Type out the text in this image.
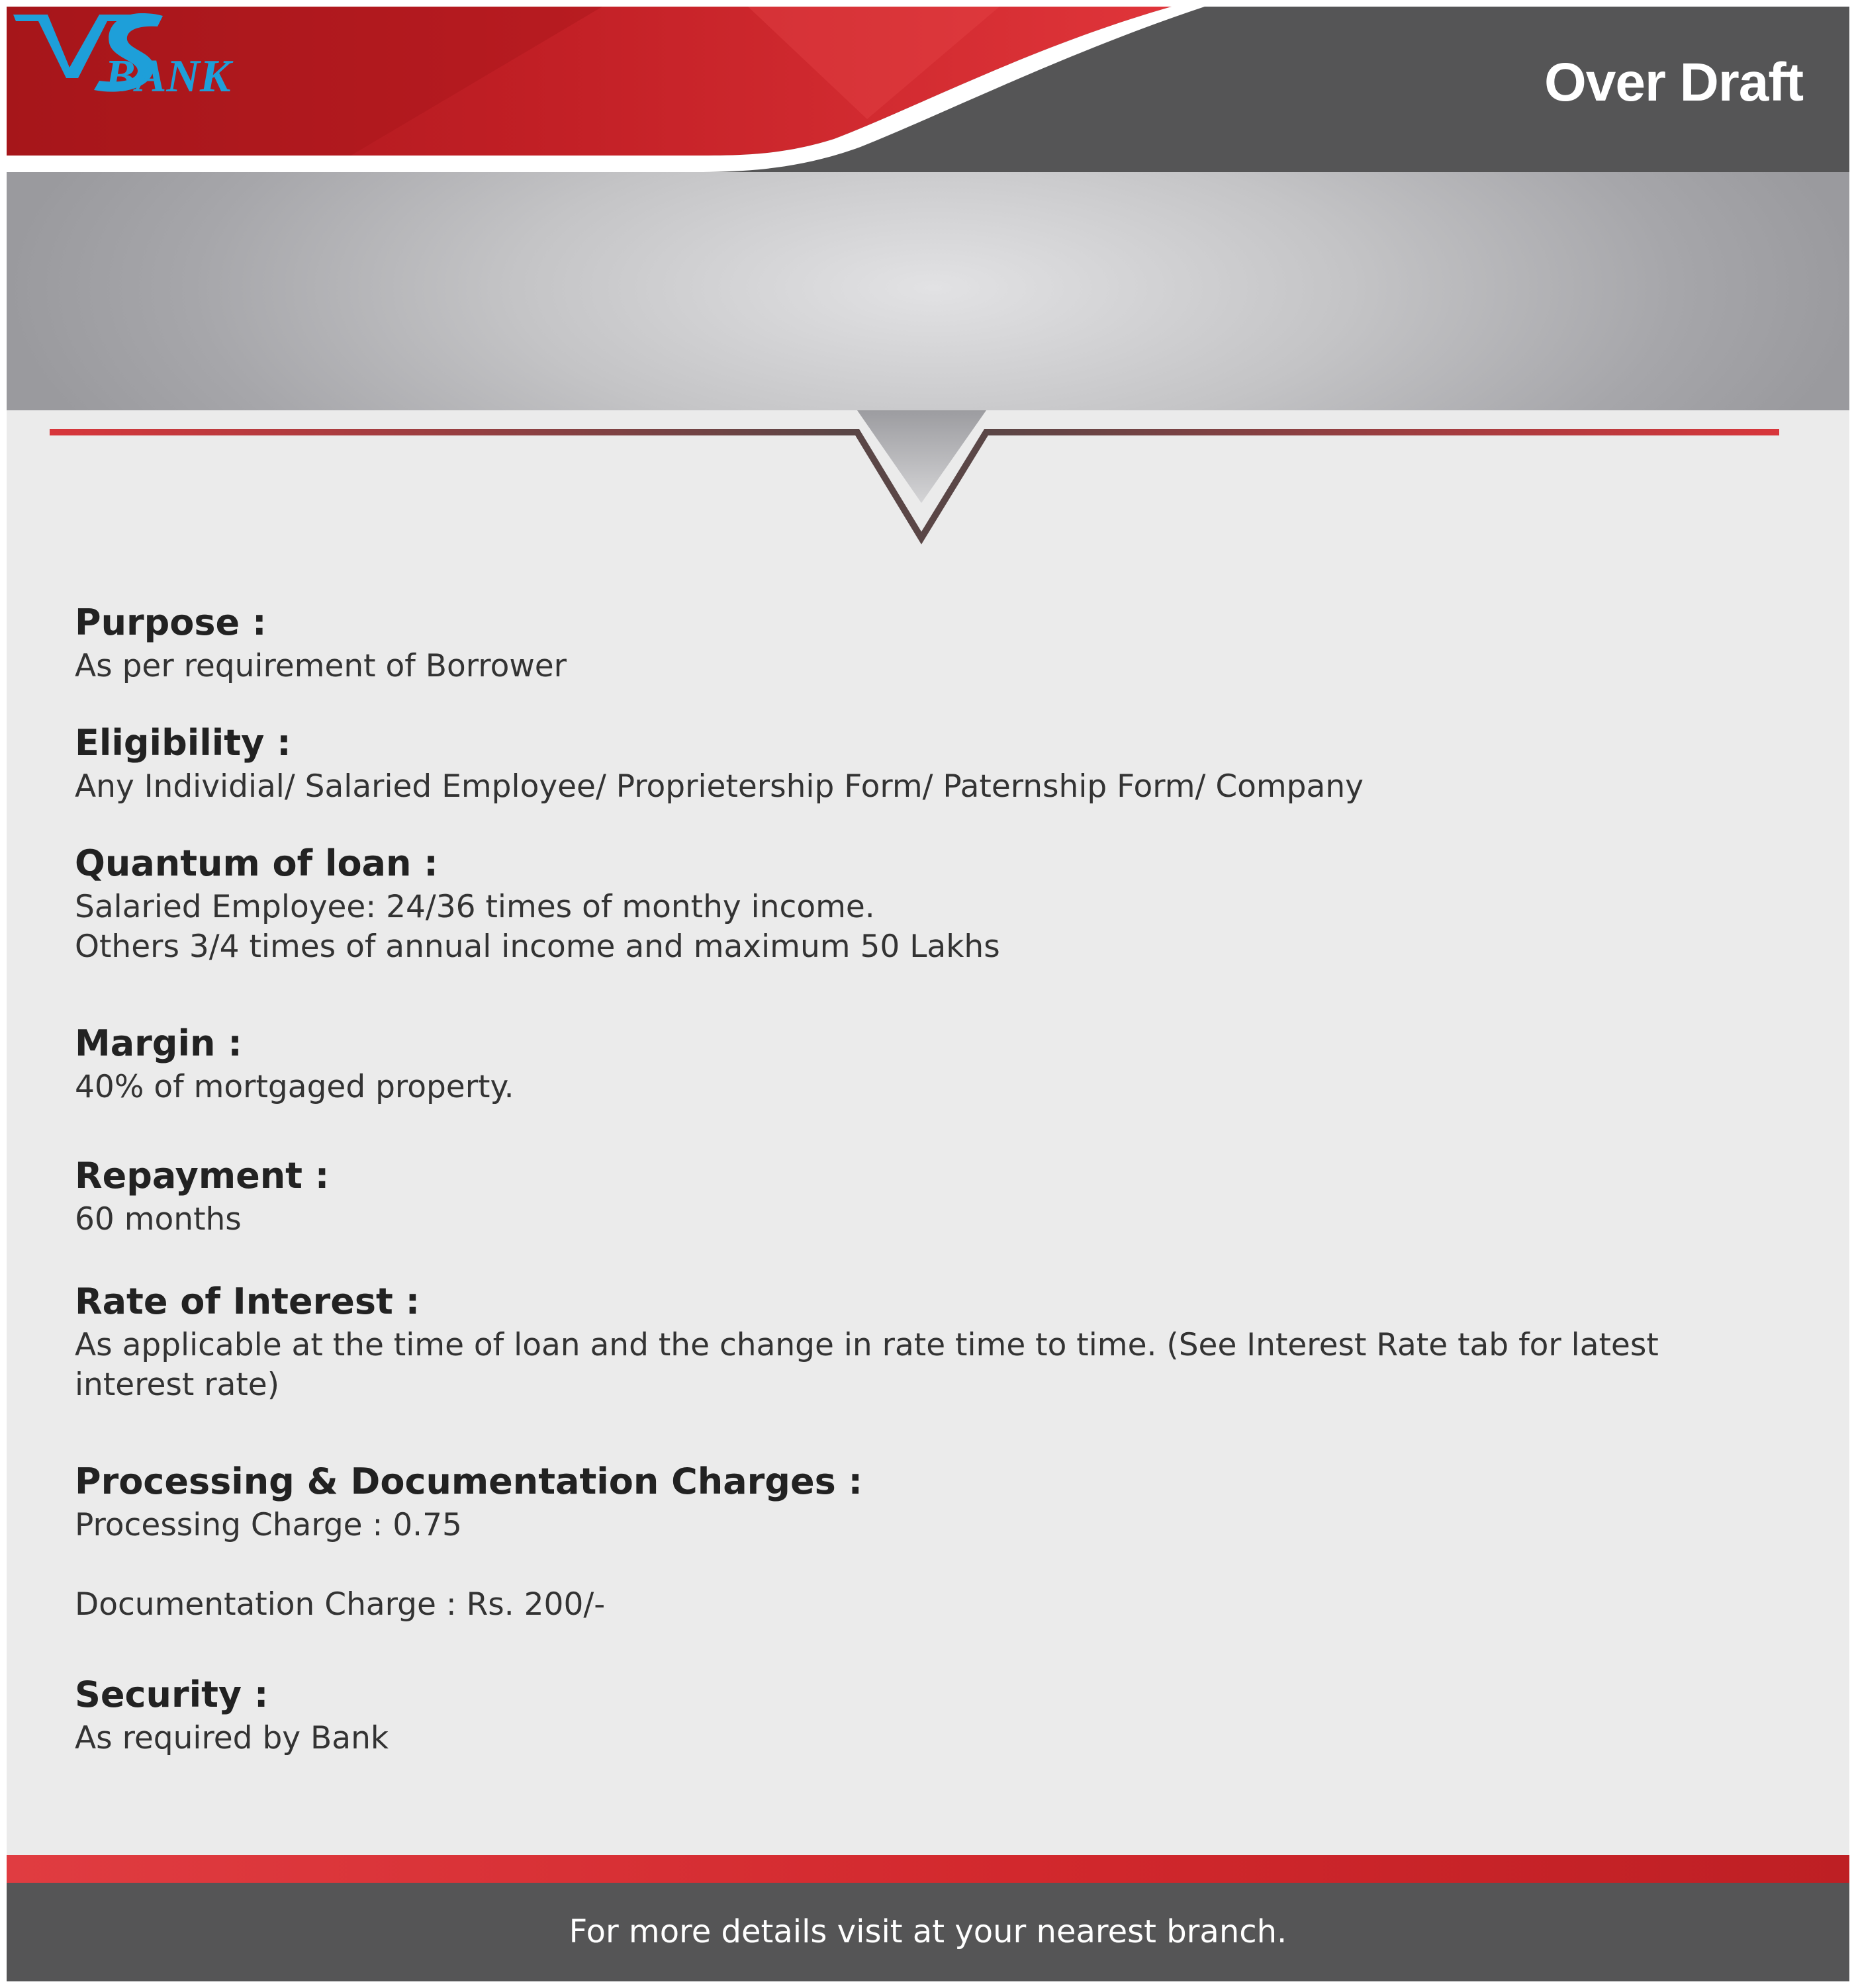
BANK	Over Draft

Purpose :

As per requirement of Borrower

Eligibility :

Any Individial/ Salaried Employee/ Proprietership Form/ Paternship Form/ Company

Quantum of loan :

Salaried Employee: 24/36 times of monthy income.

Others 3/4 times of annual income and maximum 50 Lakhs

Margin :

40% of mortgaged property.

Repayment :

60 months

Rate of Interest :

As applicable at the time of loan and the change in rate time to time. (See Interest Rate tab for latest

interest rate)

Processing & Documentation Charges :

Processing Charge : 0.75

Documentation Charge : Rs. 200/-

Security :

As required by Bank

For more details visit at your nearest branch.
